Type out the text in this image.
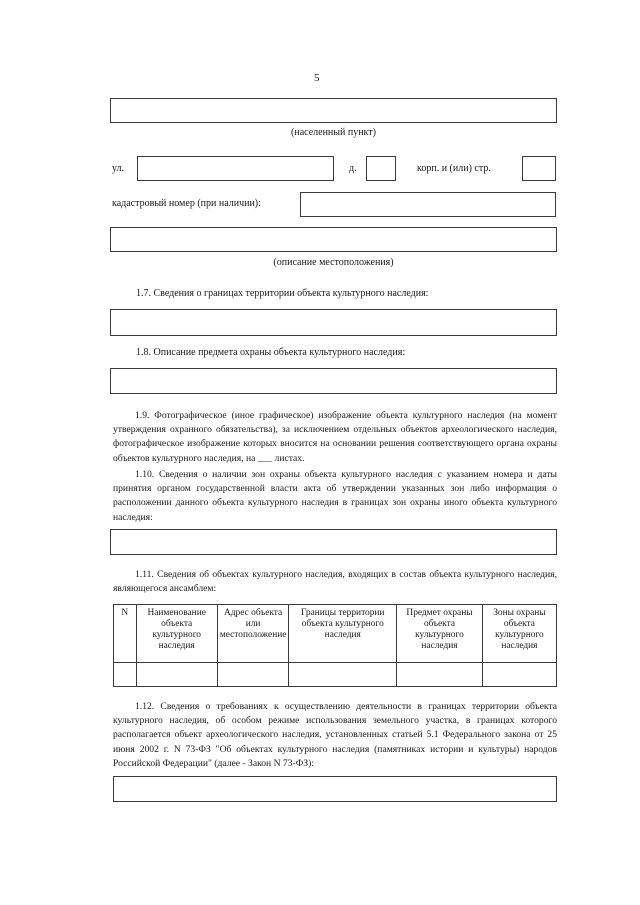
5
(населенный пункт)
ул.	д.	корп. и (или) стр.
кадастровый номер (при наличии):
(описание местоположения)
1.7. Сведения о границах территории объекта культурного наследия:
1.8. Описание предмета охраны объекта культурного наследия:

1.9. Фотографическое (иное графическое) изображение объекта культурного наследия (на момент утверждения охранного обязательства), за исключением отдельных объектов археологического наследия, фотографическое изображение которых вносится на основании решения соответствующего органа охраны объектов культурного наследия, на ___ листах.

1.10. Сведения о наличии зон охраны объекта культурного наследия с указанием номера и даты принятия органом государственной власти акта об утверждении указанных зон либо информация о расположении данного объекта культурного наследия в границах зон охраны иного объекта культурного наследия:

1.11. Сведения об объектах культурного наследия, входящих в состав объекта культурного наследия, являющегося ансамблем:

N	Наименование объекта культурного наследия	Адрес объекта или местоположение	Границы территории объекта культурного наследия	Предмет охраны объекта культурного наследия	Зоны охраны объекта культурного наследия

1.12. Сведения о требованиях к осуществлению деятельности в границах территории объекта культурного наследия, об особом режиме использования земельного участка, в границах которого располагается объект археологического наследия, установленных статьей 5.1 Федерального закона от 25 июня 2002 г. N 73-ФЗ "Об объектах культурного наследия (памятниках истории и культуры) народов Российской Федерации" (далее - Закон N 73-ФЗ):
